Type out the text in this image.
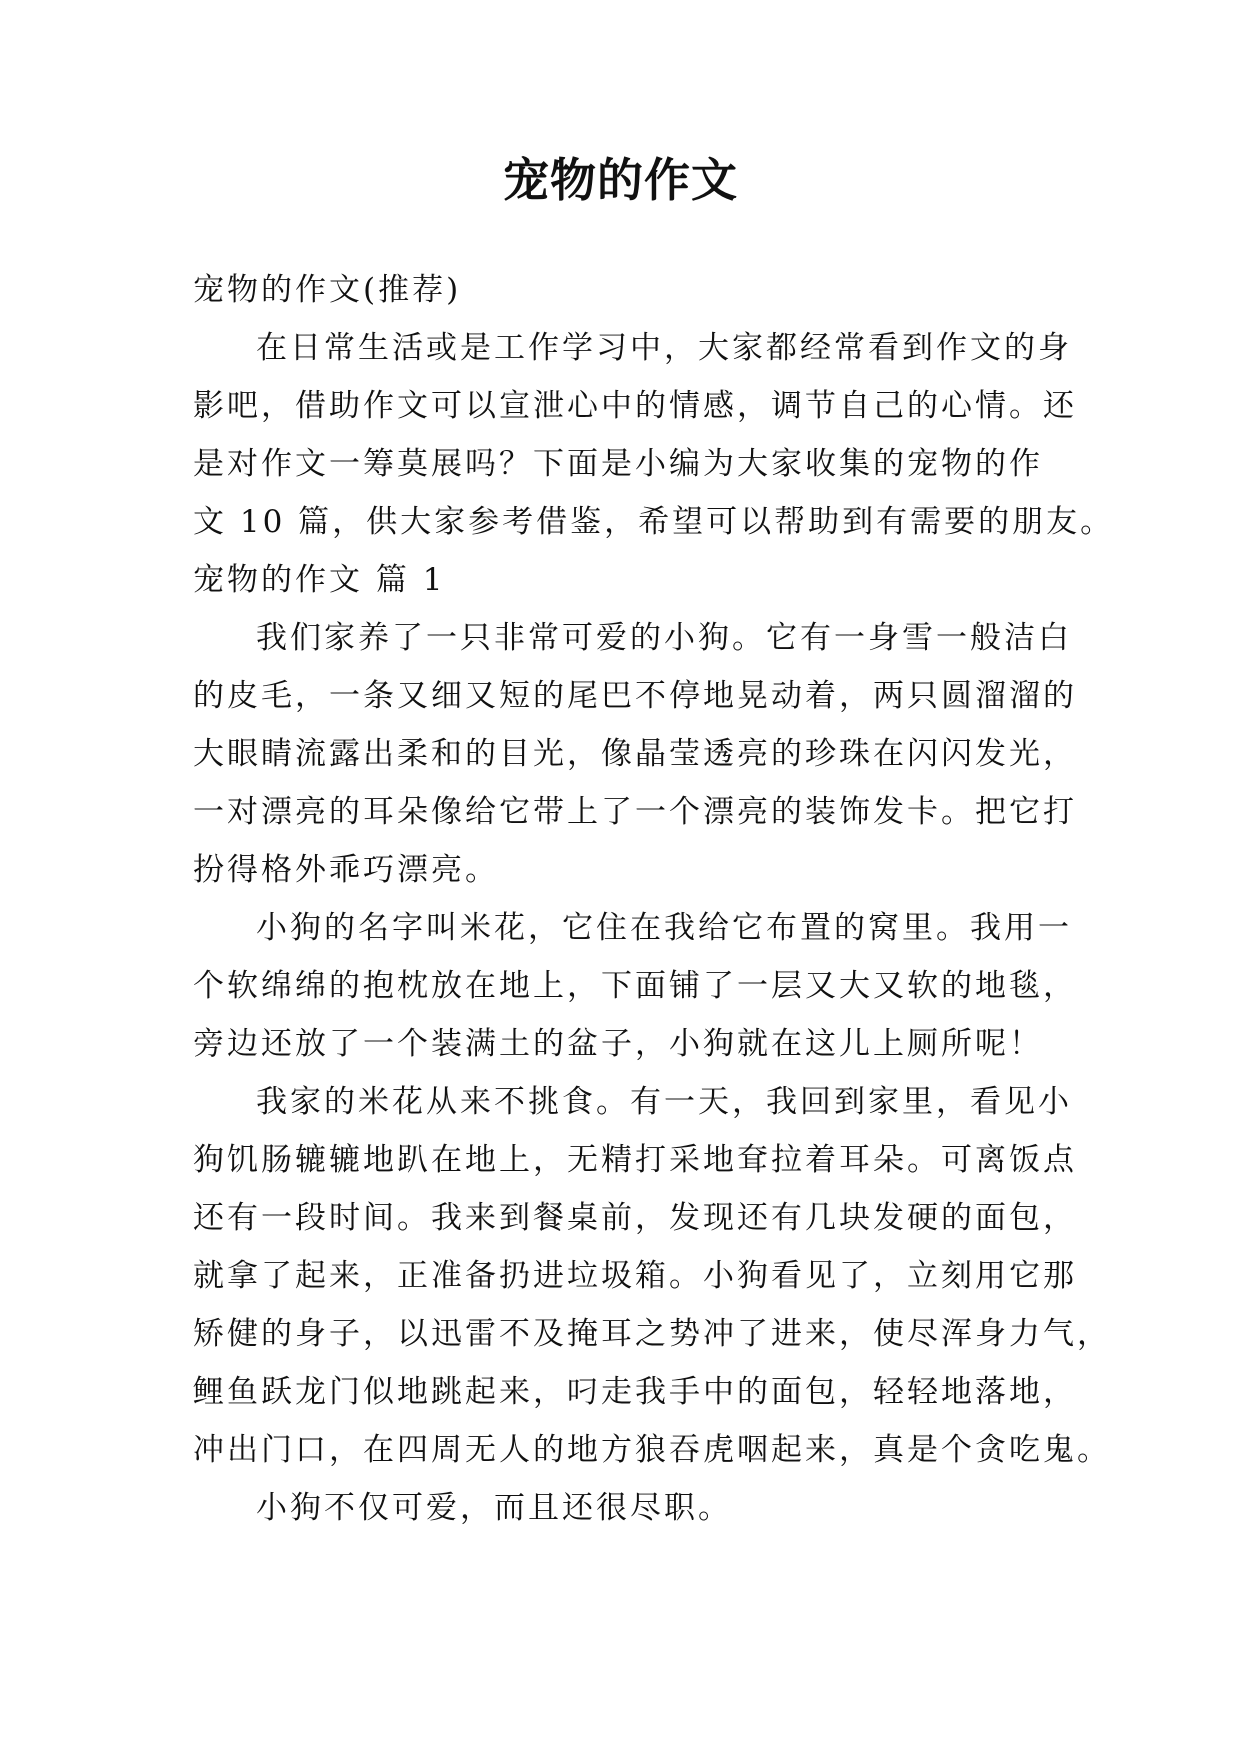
宠物的作文
宠物的作文(推荐)
在日常生活或是工作学习中，大家都经常看到作文的身
影吧，借助作文可以宣泄心中的情感，调节自己的心情。还
是对作文一筹莫展吗？下面是小编为大家收集的宠物的作
文 10 篇，供大家参考借鉴，希望可以帮助到有需要的朋友。
宠物的作文 篇 1
我们家养了一只非常可爱的小狗。它有一身雪一般洁白
的皮毛，一条又细又短的尾巴不停地晃动着，两只圆溜溜的
大眼睛流露出柔和的目光，像晶莹透亮的珍珠在闪闪发光，
一对漂亮的耳朵像给它带上了一个漂亮的装饰发卡。把它打
扮得格外乖巧漂亮。
小狗的名字叫米花，它住在我给它布置的窝里。我用一
个软绵绵的抱枕放在地上，下面铺了一层又大又软的地毯，
旁边还放了一个装满土的盆子，小狗就在这儿上厕所呢！
我家的米花从来不挑食。有一天，我回到家里，看见小
狗饥肠辘辘地趴在地上，无精打采地耷拉着耳朵。可离饭点
还有一段时间。我来到餐桌前，发现还有几块发硬的面包，
就拿了起来，正准备扔进垃圾箱。小狗看见了，立刻用它那
矫健的身子，以迅雷不及掩耳之势冲了进来，使尽浑身力气，
鲤鱼跃龙门似地跳起来，叼走我手中的面包，轻轻地落地，
冲出门口，在四周无人的地方狼吞虎咽起来，真是个贪吃鬼。
小狗不仅可爱，而且还很尽职。
